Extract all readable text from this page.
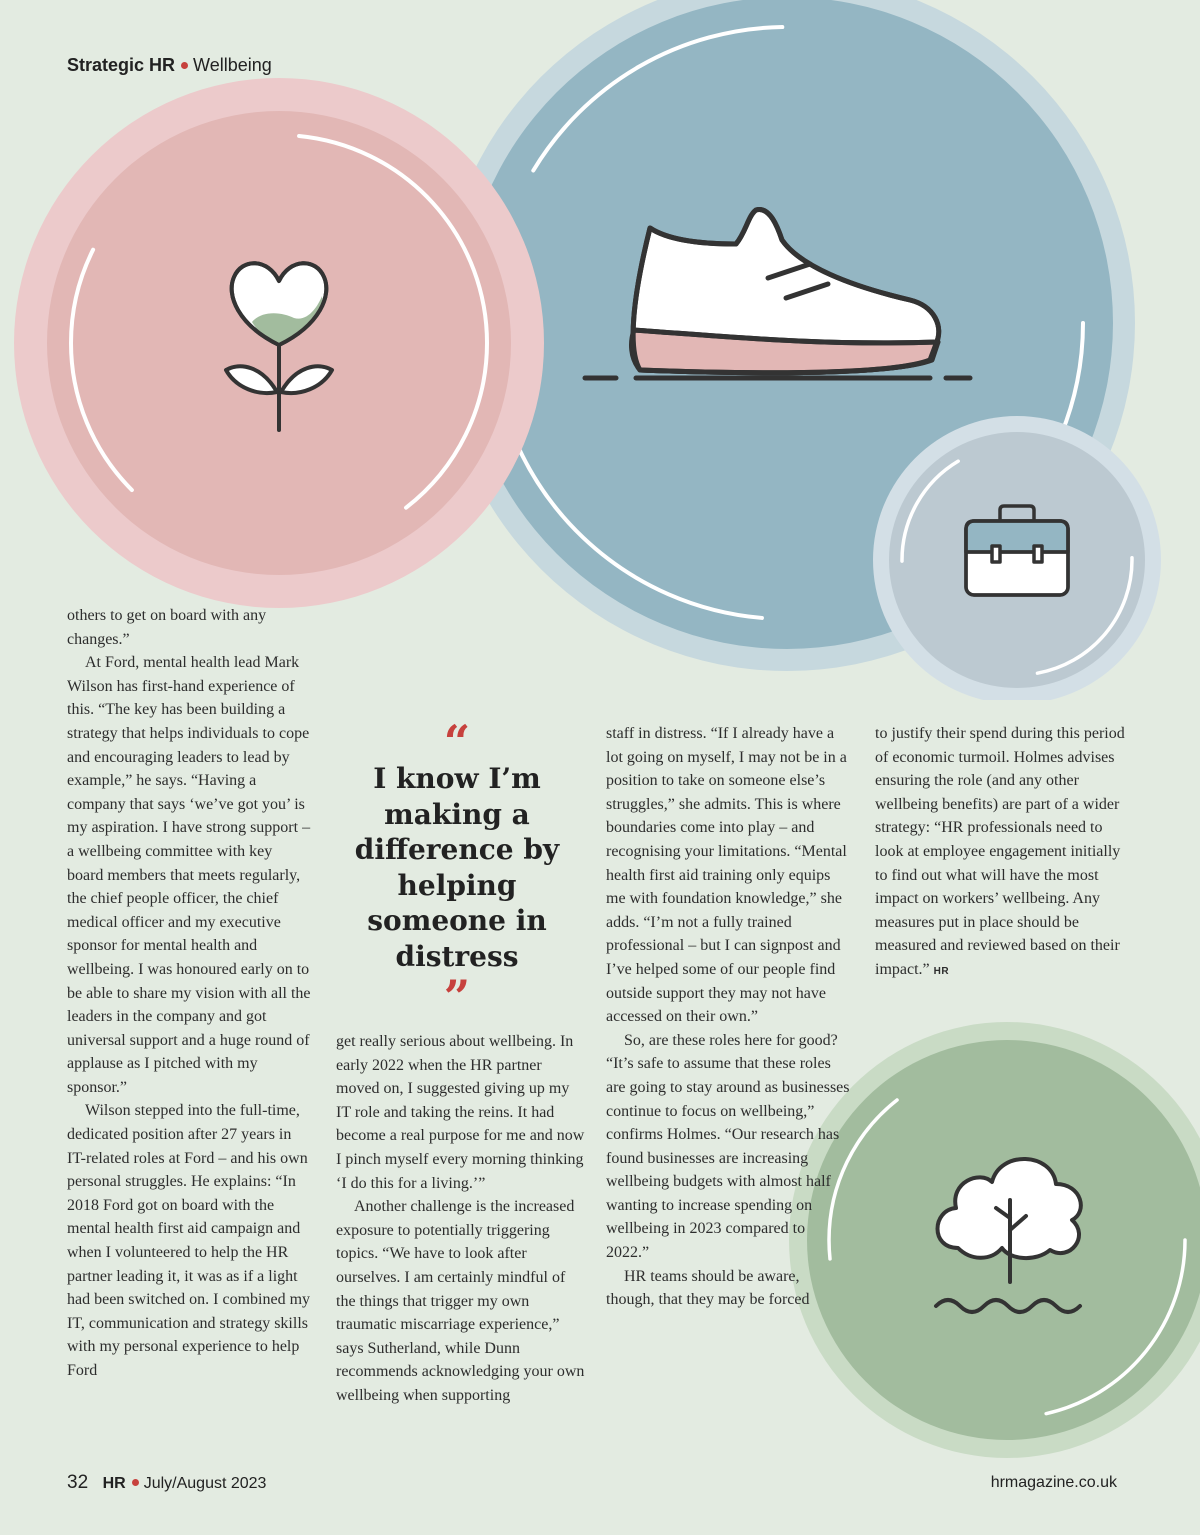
Strategic HR Wellbeing

others to get on board with any changes.”

At Ford, mental health lead Mark Wilson has first-hand experience of this. “The key has been building a strategy that helps individuals to cope and encouraging leaders to lead by example,” he says. “Having a company that says ‘we’ve got you’ is my aspiration. I have strong support – a wellbeing committee with key board members that meets regularly, the chief people officer, the chief medical officer and my executive sponsor for mental health and wellbeing. I was honoured early on to be able to share my vision with all the leaders in the company and got universal support and a huge round of applause as I pitched with my sponsor.”

Wilson stepped into the full-time, dedicated position after 27 years in IT-related roles at Ford – and his own personal struggles. He explains: “In 2018 Ford got on board with the mental health first aid campaign and when I volunteered to help the HR partner leading it, it was as if a light had been switched on. I combined my IT, communication and strategy skills with my personal experience to help Ford

“

I know I’m making a difference by helping someone in distress

”

get really serious about wellbeing. In early 2022 when the HR partner moved on, I suggested giving up my IT role and taking the reins. It had become a real purpose for me and now I pinch myself every morning thinking ‘I do this for a living.’”

Another challenge is the increased exposure to potentially triggering topics. “We have to look after ourselves. I am certainly mindful of the things that trigger my own traumatic miscarriage experience,” says Sutherland, while Dunn recommends acknowledging your own wellbeing when supporting

staff in distress. “If I already have a lot going on myself, I may not be in a position to take on someone else’s struggles,” she admits. This is where boundaries come into play – and recognising your limitations. “Mental health first aid training only equips me with foundation knowledge,” she adds. “I’m not a fully trained professional – but I can signpost and I’ve helped some of our people find outside support they may not have accessed on their own.”

So, are these roles here for good? “It’s safe to assume that these roles are going to stay around as businesses continue to focus on wellbeing,” confirms Holmes. “Our research has found businesses are increasing wellbeing budgets with almost half wanting to increase spending on wellbeing in 2023 compared to 2022.”

HR teams should be aware, though, that they may be forced

to justify their spend during this period of economic turmoil. Holmes advises ensuring the role (and any other wellbeing benefits) are part of a wider strategy: “HR professionals need to look at employee engagement initially to find out what will have the most impact on workers’ wellbeing. Any measures put in place should be measured and reviewed based on their impact.” HR

32 HR July/August 2023	hrmagazine.co.uk
